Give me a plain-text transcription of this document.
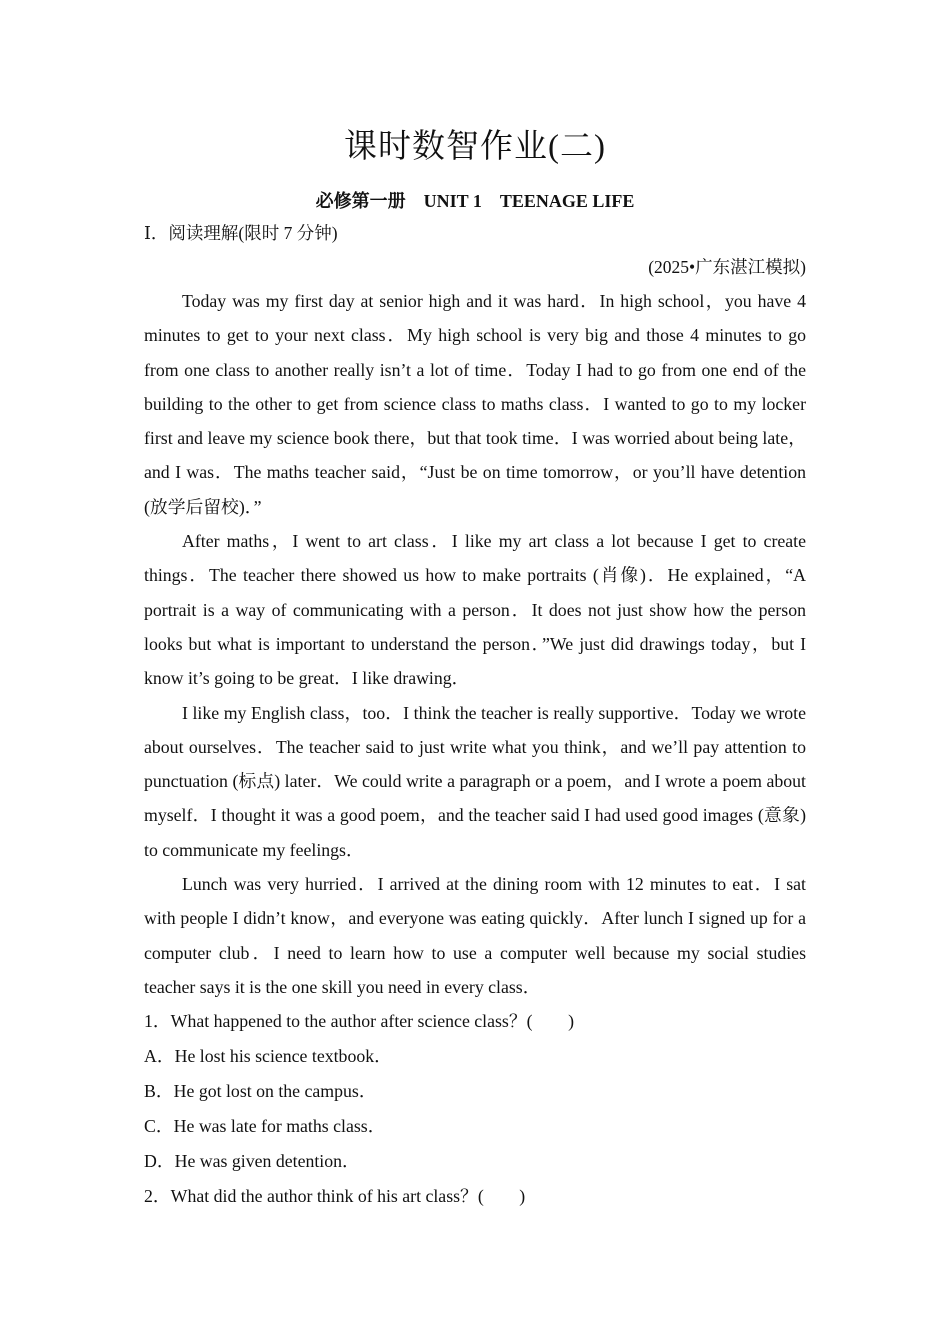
课时数智作业(二)
必修第一册　UNIT 1　TEENAGE LIFE
Ⅰ．阅读理解(限时 7 分钟)
(2025•广东湛江模拟)

Today was my first day at senior high and it was hard．In high school，you have 4 minutes to get to your next class．My high school is very big and those 4 minutes to go from one class to another really isn’t a lot of time．Today I had to go from one end of the building to the other to get from science class to maths class．I wanted to go to my locker first and leave my science book there，but that took time．I was worried about being late，and I was．The maths teacher said，“Just be on time tomorrow，or you’ll have detention (放学后留校)．”

After maths，I went to art class．I like my art class a lot because I get to create things．The teacher there showed us how to make portraits (肖像)．He explained，“A portrait is a way of communicating with a person．It does not just show how the person looks but what is important to understand the person．”We just did drawings today，but I know it’s going to be great．I like drawing．

I like my English class，too．I think the teacher is really supportive．Today we wrote about ourselves．The teacher said to just write what you think，and we’ll pay attention to punctuation (标点) later．We could write a paragraph or a poem，and I wrote a poem about myself．I thought it was a good poem，and the teacher said I had used good images (意象) to communicate my feelings．

Lunch was very hurried．I arrived at the dining room with 12 minutes to eat．I sat with people I didn’t know，and everyone was eating quickly．After lunch I signed up for a computer club．I need to learn how to use a computer well because my social studies teacher says it is the one skill you need in every class．

1．What happened to the author after science class？(　　)

A．He lost his science textbook．

B．He got lost on the campus．

C．He was late for maths class．

D．He was given detention．

2．What did the author think of his art class？(　　)
